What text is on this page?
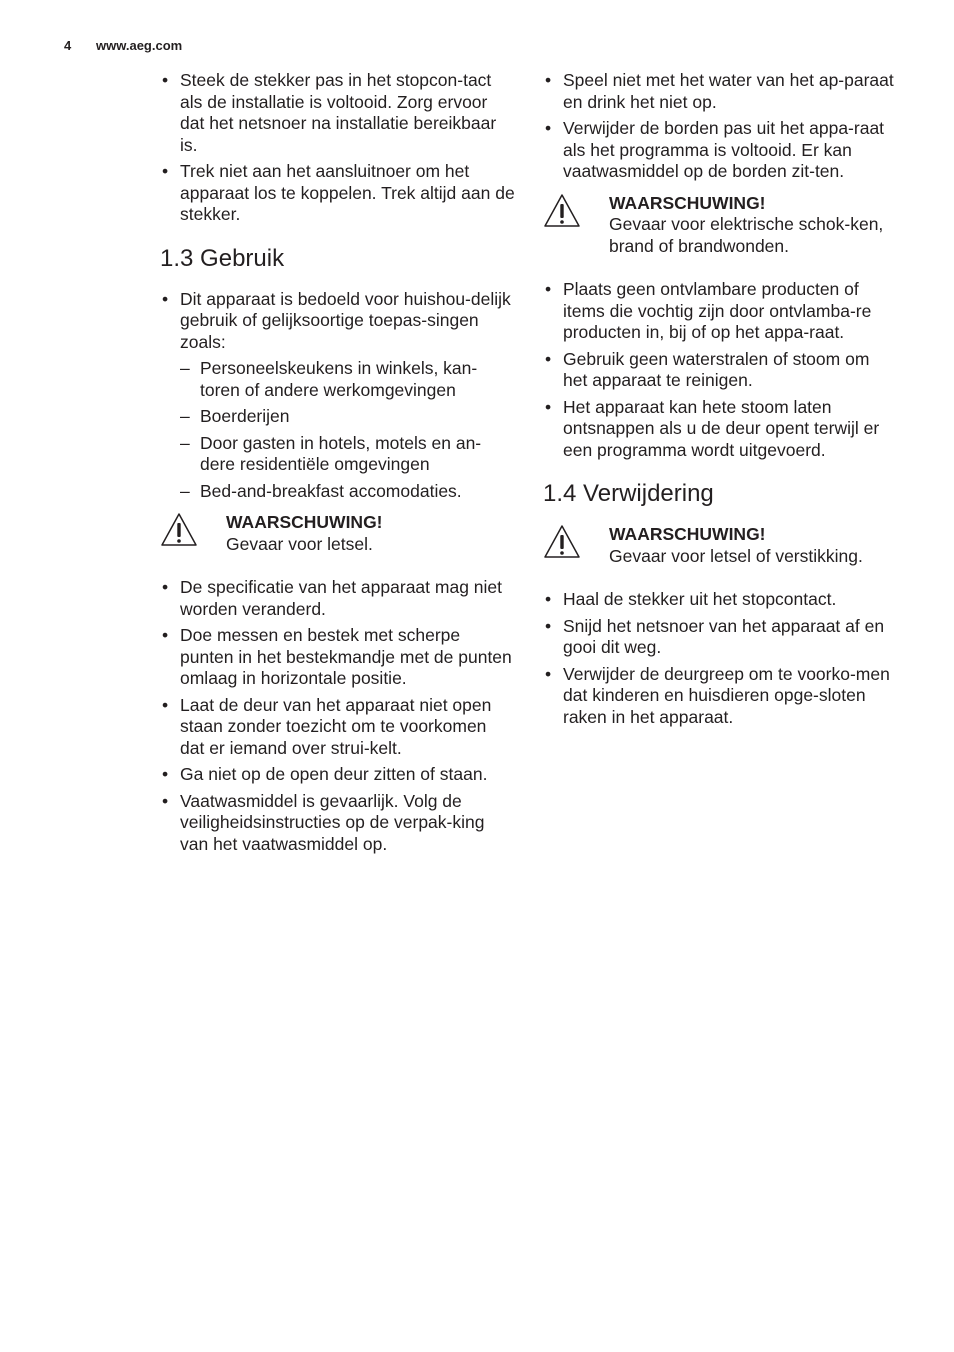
4 www.aeg.com
• Steek de stekker pas in het stopcon-tact als de installatie is voltooid. Zorg ervoor dat het netsnoer na installatie bereikbaar is.
• Trek niet aan het aansluitnoer om het apparaat los te koppelen. Trek altijd aan de stekker.
1.3 Gebruik
• Dit apparaat is bedoeld voor huishou-delijk gebruik of gelijksoortige toepas-singen zoals:
– Personeelskeukens in winkels, kan-toren of andere werkomgevingen
– Boerderijen
– Door gasten in hotels, motels en an-dere residentiële omgevingen
– Bed-and-breakfast accomodaties.
WAARSCHUWING!
Gevaar voor letsel.
• De specificatie van het apparaat mag niet worden veranderd.
• Doe messen en bestek met scherpe punten in het bestekmandje met de punten omlaag in horizontale positie.
• Laat de deur van het apparaat niet open staan zonder toezicht om te voorkomen dat er iemand over strui-kelt.
• Ga niet op de open deur zitten of staan.
• Vaatwasmiddel is gevaarlijk. Volg de veiligheidsinstructies op de verpak-king van het vaatwasmiddel op.
• Speel niet met het water van het ap-paraat en drink het niet op.
• Verwijder de borden pas uit het appa-raat als het programma is voltooid. Er kan vaatwasmiddel op de borden zit-ten.
WAARSCHUWING!
Gevaar voor elektrische schok-ken, brand of brandwonden.
• Plaats geen ontvlambare producten of items die vochtig zijn door ontvlamba-re producten in, bij of op het appa-raat.
• Gebruik geen waterstralen of stoom om het apparaat te reinigen.
• Het apparaat kan hete stoom laten ontsnappen als u de deur opent terwijl er een programma wordt uitgevoerd.
1.4 Verwijdering
WAARSCHUWING!
Gevaar voor letsel of verstikking.
• Haal de stekker uit het stopcontact.
• Snijd het netsnoer van het apparaat af en gooi dit weg.
• Verwijder de deurgreep om te voorko-men dat kinderen en huisdieren opge-sloten raken in het apparaat.
